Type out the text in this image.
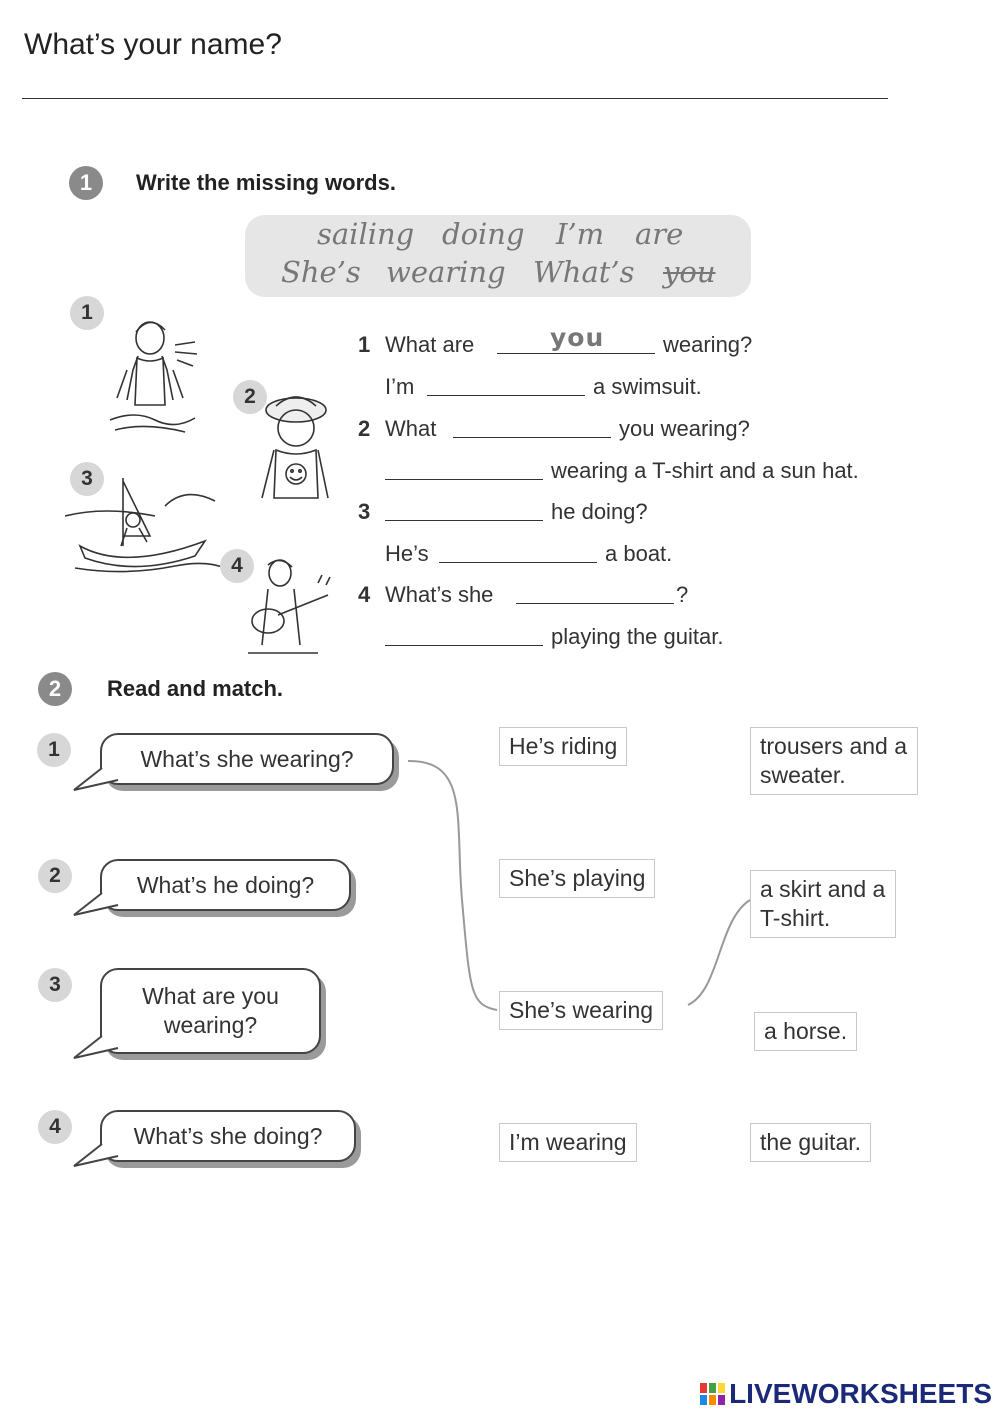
What’s your name?
1	Write the missing words.
sailing doing I’m are
She’s wearing What’s you
1
2
3
4
1 What are	you	wearing?
I’m	a swimsuit.
2 What	you wearing?
wearing a T-shirt and a sun hat.
3	he doing?
He’s	a boat.
4 What’s she	?
playing the guitar.
2	Read and match.
1	What’s she wearing?
2	What’s he doing?
3	What are you wearing?
4	What’s she doing?
He’s riding
She’s playing
She’s wearing
I’m wearing
trousers and a sweater.
a skirt and a T-shirt.
a horse.
the guitar.
LIVEWORKSHEETS
